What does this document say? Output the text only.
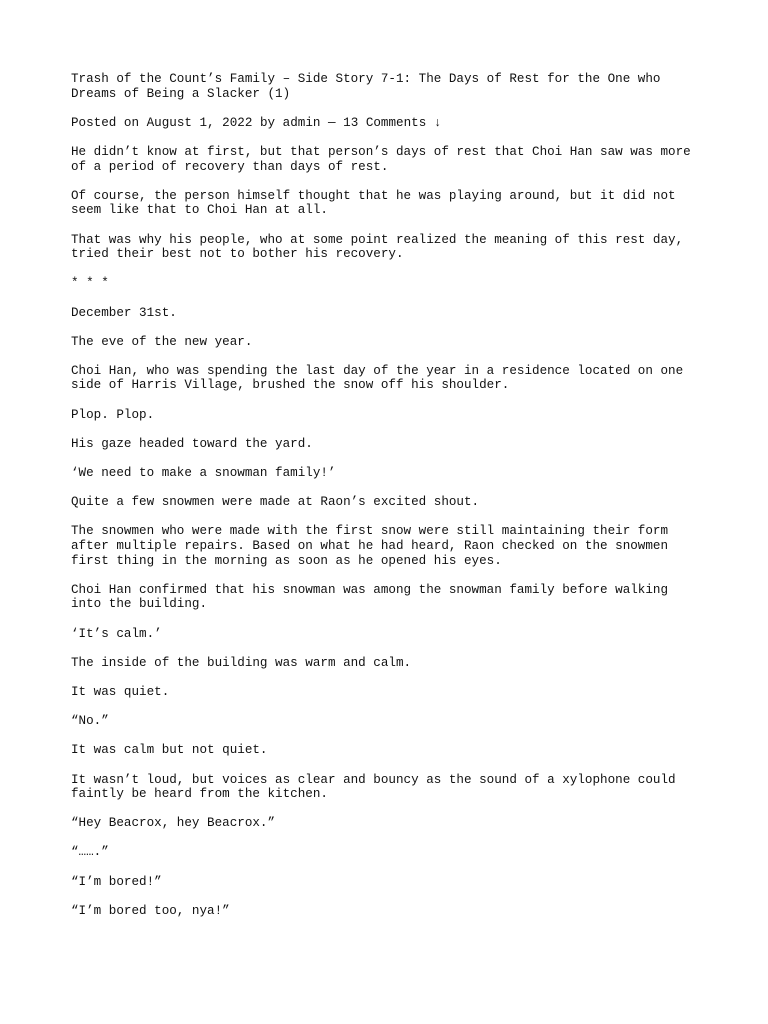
Trash of the Count’s Family – Side Story 7-1: The Days of Rest for the One who Dreams of Being a Slacker (1)
Posted on August 1, 2022 by admin — 13 Comments ↓

He didn’t know at first, but that person’s days of rest that Choi Han saw was more of a period of recovery than days of rest.

Of course, the person himself thought that he was playing around, but it did not seem like that to Choi Han at all.

That was why his people, who at some point realized the meaning of this rest day, tried their best not to bother his recovery.

* * *

December 31st.

The eve of the new year.

Choi Han, who was spending the last day of the year in a residence located on one side of Harris Village, brushed the snow off his shoulder.

Plop. Plop.

His gaze headed toward the yard.

‘We need to make a snowman family!’

Quite a few snowmen were made at Raon’s excited shout.

The snowmen who were made with the first snow were still maintaining their form after multiple repairs. Based on what he had heard, Raon checked on the snowmen first thing in the morning as soon as he opened his eyes.

Choi Han confirmed that his snowman was among the snowman family before walking into the building.

‘It’s calm.’

The inside of the building was warm and calm.

It was quiet.

“No.”

It was calm but not quiet.

It wasn’t loud, but voices as clear and bouncy as the sound of a xylophone could faintly be heard from the kitchen.

“Hey Beacrox, hey Beacrox.”

“…….”

“I’m bored!”

“I’m bored too, nya!”
